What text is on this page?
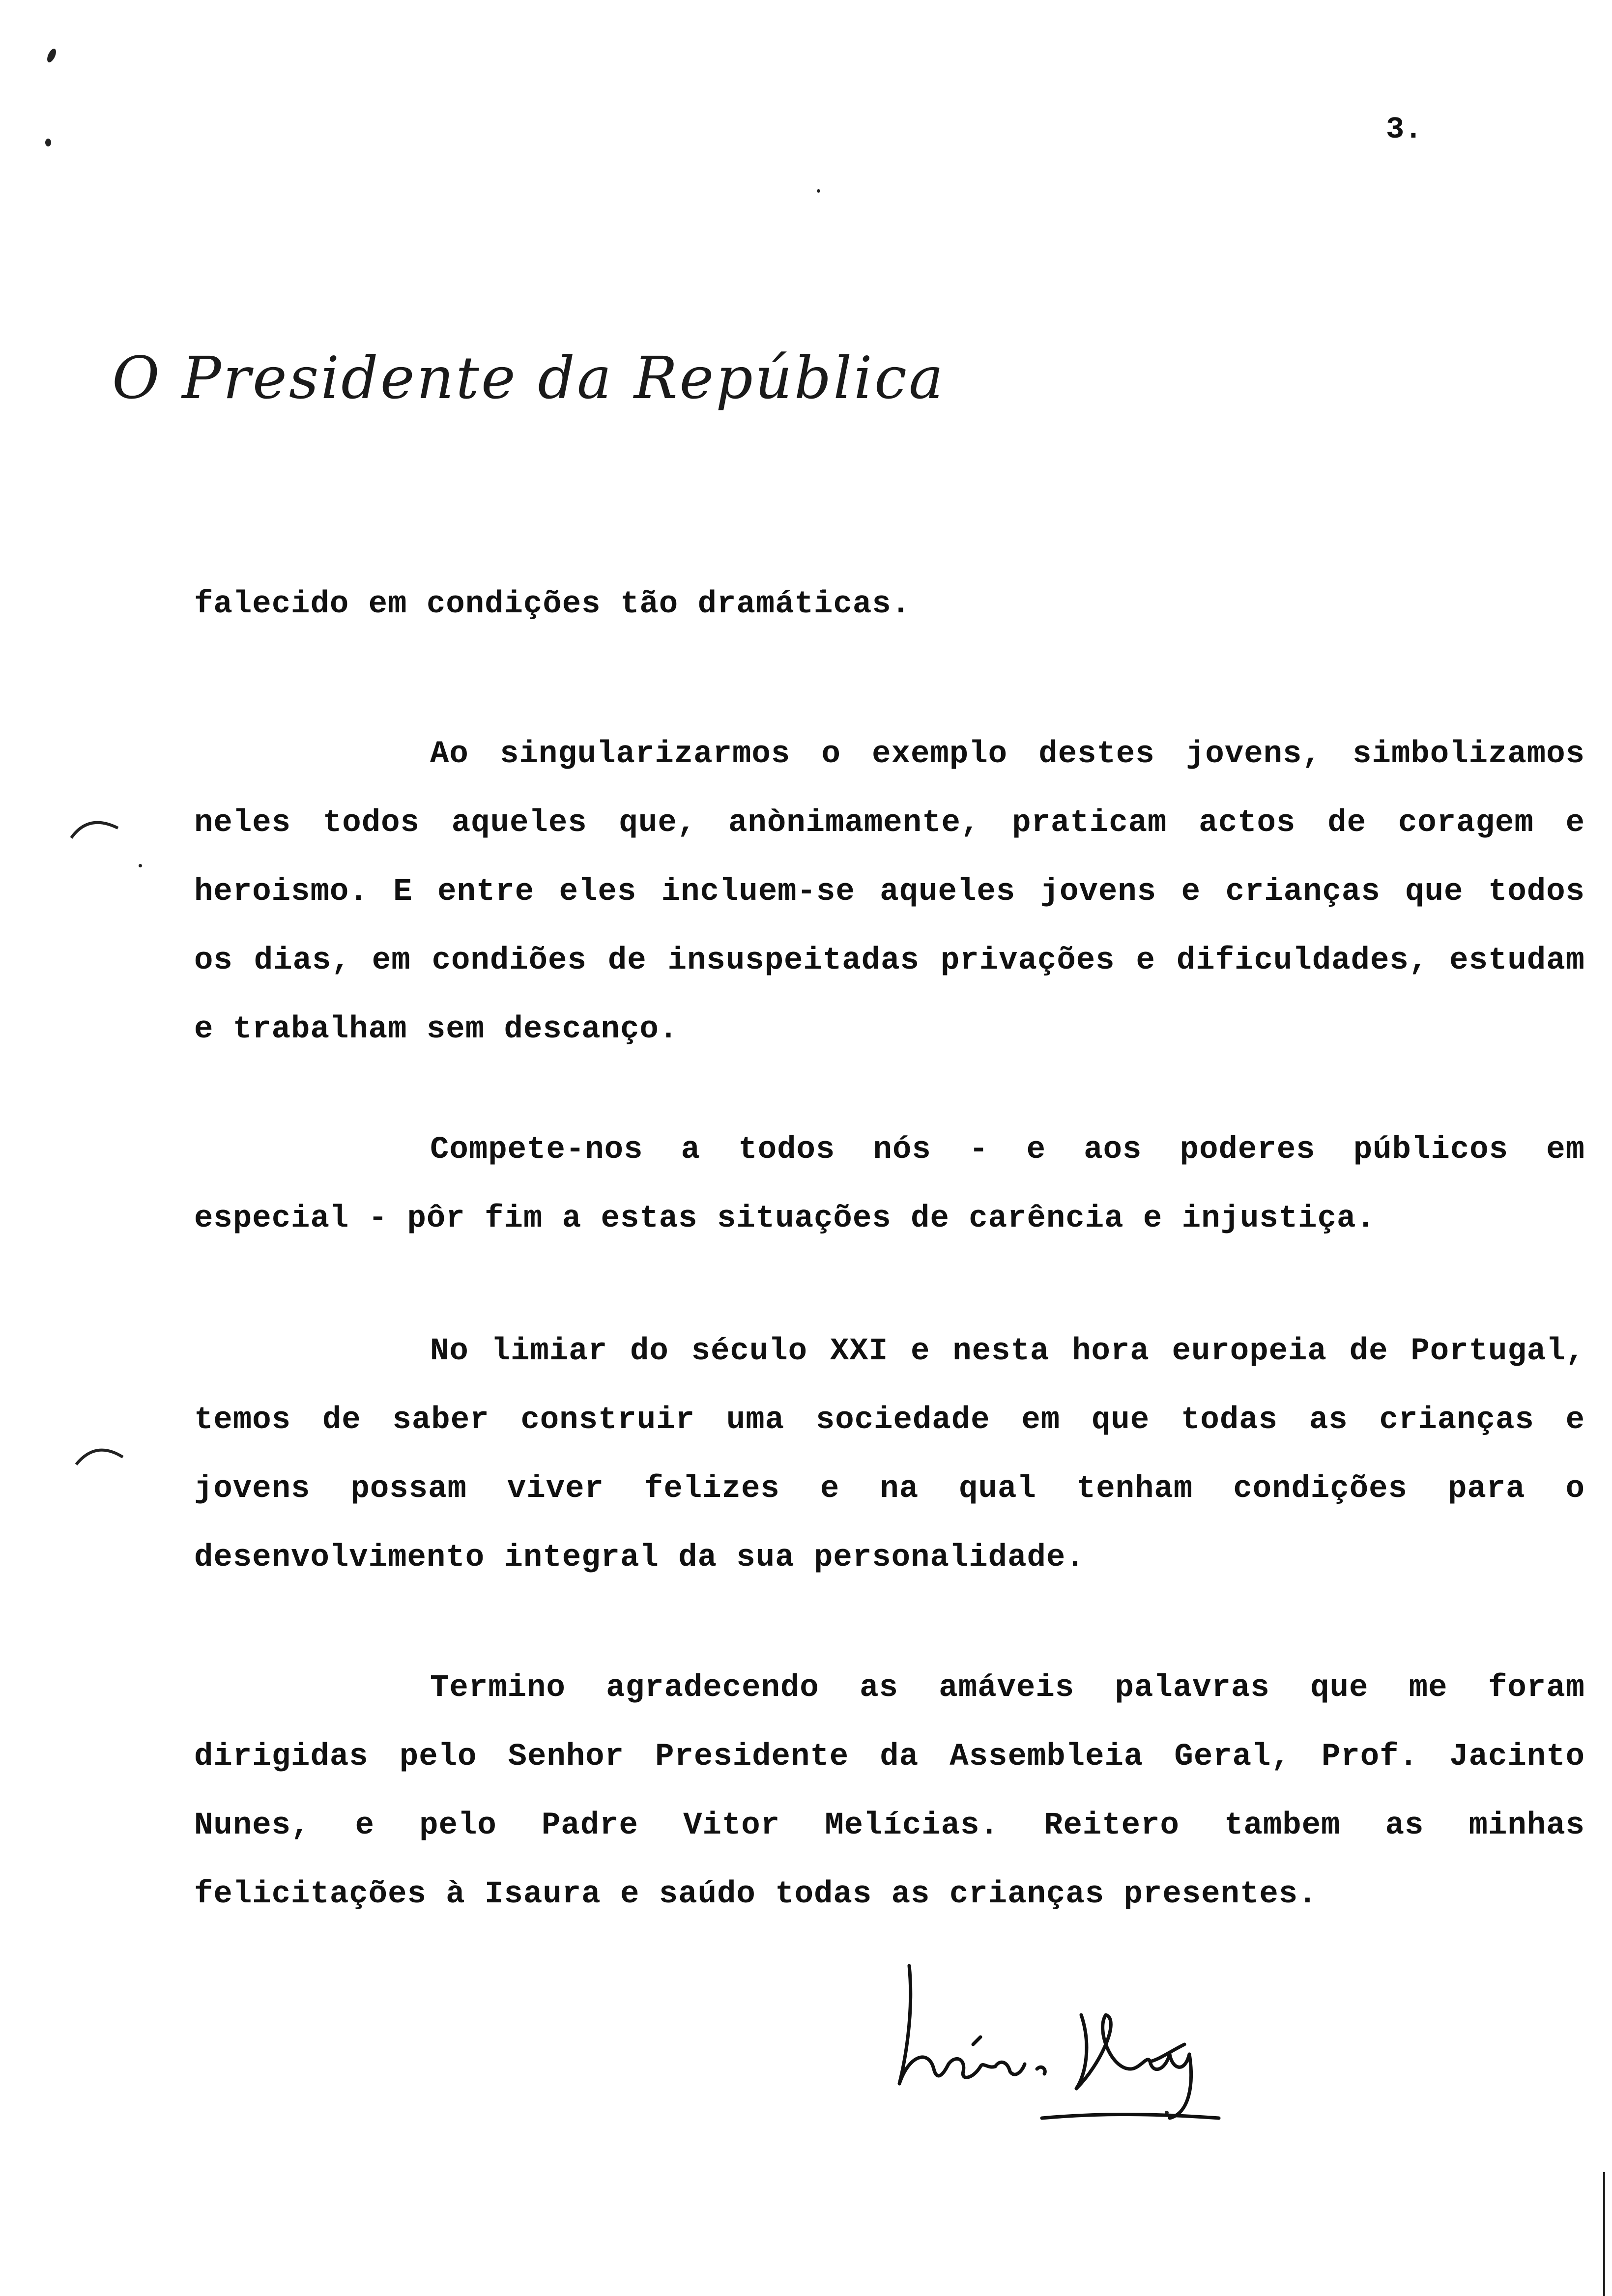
3.
O Presidente da República
falecido em condições tão dramáticas.
Ao singularizarmos o exemplo destes jovens, simbolizamos neles todos aqueles que, anònimamente, praticam actos de coragem e heroismo. E entre eles incluem-se aqueles jovens e crianças que todos os dias, em condiões de insuspeitadas privações e dificuldades, estudam e trabalham sem descanço.
Compete-nos a todos nós - e aos poderes públicos em especial - pôr fim a estas situações de carência e injustiça.
No limiar do século XXI e nesta hora europeia de Portugal, temos de saber construir uma sociedade em que todas as crianças e jovens possam viver felizes e na qual tenham condições para o desenvolvimento integral da sua personalidade.
Termino agradecendo as amáveis palavras que me foram dirigidas pelo Senhor Presidente da Assembleia Geral, Prof. Jacinto Nunes, e pelo Padre Vitor Melícias. Reitero tambem as minhas felicitações à Isaura e saúdo todas as crianças presentes.
